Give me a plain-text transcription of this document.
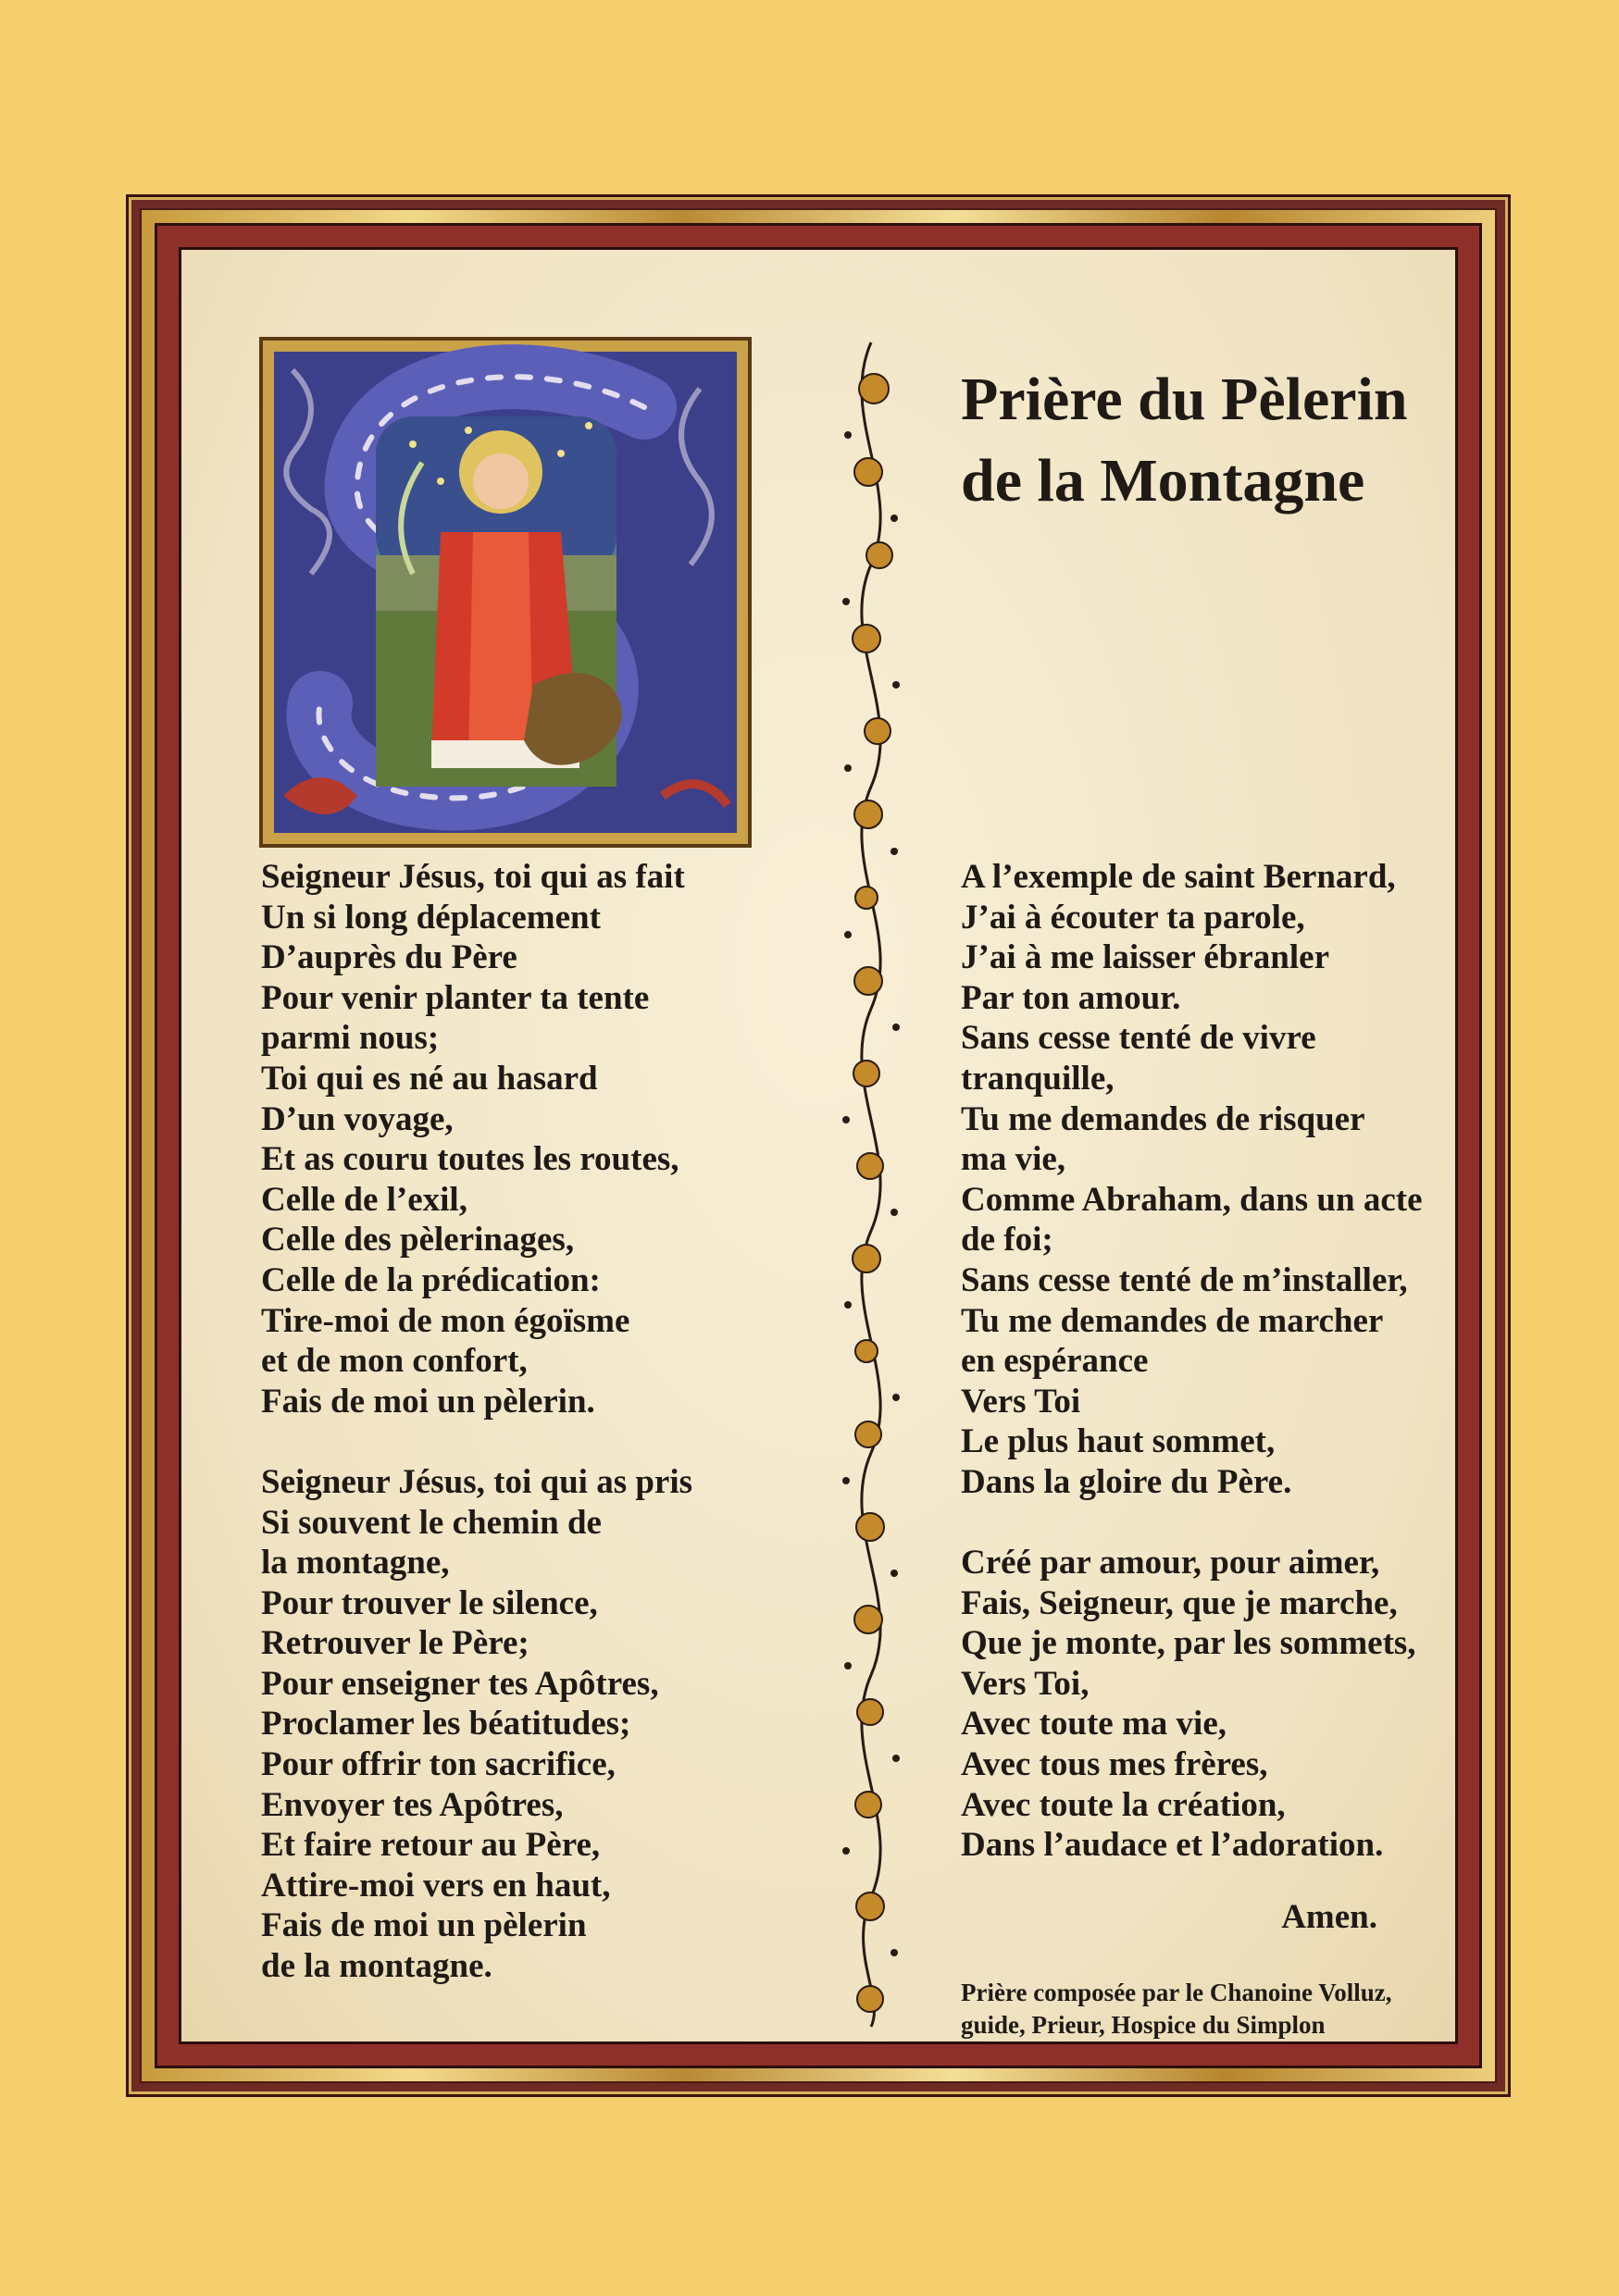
Prière du Pèlerin
de la Montagne
Seigneur Jésus, toi qui as fait
Un si long déplacement
D’auprès du Père
Pour venir planter ta tente
parmi nous;
Toi qui es né au hasard
D’un voyage,
Et as couru toutes les routes,
Celle de l’exil,
Celle des pèlerinages,
Celle de la prédication:
Tire-moi de mon égoïsme
et de mon confort,
Fais de moi un pèlerin.
Seigneur Jésus, toi qui as pris
Si souvent le chemin de
la montagne,
Pour trouver le silence,
Retrouver le Père;
Pour enseigner tes Apôtres,
Proclamer les béatitudes;
Pour offrir ton sacrifice,
Envoyer tes Apôtres,
Et faire retour au Père,
Attire-moi vers en haut,
Fais de moi un pèlerin
de la montagne.
A l’exemple de saint Bernard,
J’ai à écouter ta parole,
J’ai à me laisser ébranler
Par ton amour.
Sans cesse tenté de vivre
tranquille,
Tu me demandes de risquer
ma vie,
Comme Abraham, dans un acte
de foi;
Sans cesse tenté de m’installer,
Tu me demandes de marcher
en espérance
Vers Toi
Le plus haut sommet,
Dans la gloire du Père.
Créé par amour, pour aimer,
Fais, Seigneur, que je marche,
Que je monte, par les sommets,
Vers Toi,
Avec toute ma vie,
Avec tous mes frères,
Avec toute la création,
Dans l’audace et l’adoration.

Amen.

Prière composée par le Chanoine Volluz,
guide, Prieur, Hospice du Simplon
